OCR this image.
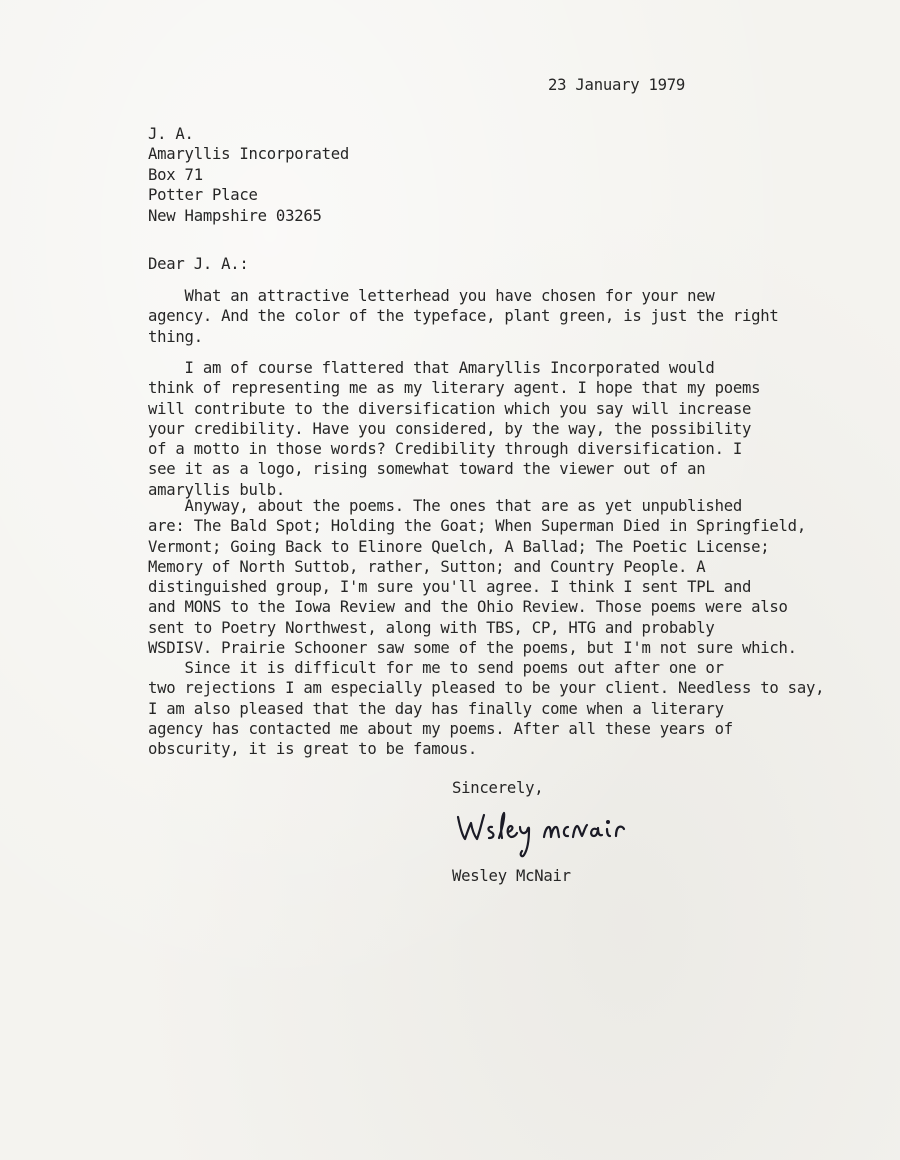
23 January 1979
J. A.
Amaryllis Incorporated
Box 71
Potter Place
New Hampshire 03265
Dear J. A.:
What an attractive letterhead you have chosen for your new
agency. And the color of the typeface, plant green, is just the right
thing.
I am of course flattered that Amaryllis Incorporated would
think of representing me as my literary agent. I hope that my poems
will contribute to the diversification which you say will increase
your credibility. Have you considered, by the way, the possibility
of a motto in those words? Credibility through diversification. I
see it as a logo, rising somewhat toward the viewer out of an
amaryllis bulb.
Anyway, about the poems. The ones that are as yet unpublished
are: The Bald Spot; Holding the Goat; When Superman Died in Springfield,
Vermont; Going Back to Elinore Quelch, A Ballad; The Poetic License;
Memory of North Suttob, rather, Sutton; and Country People. A
distinguished group, I'm sure you'll agree. I think I sent TPL and
and MONS to the Iowa Review and the Ohio Review. Those poems were also
sent to Poetry Northwest, along with TBS, CP, HTG and probably
WSDISV. Prairie Schooner saw some of the poems, but I'm not sure which.
Since it is difficult for me to send poems out after one or
two rejections I am especially pleased to be your client. Needless to say,
I am also pleased that the day has finally come when a literary
agency has contacted me about my poems. After all these years of
obscurity, it is great to be famous.
Sincerely,
Wesley McNair
